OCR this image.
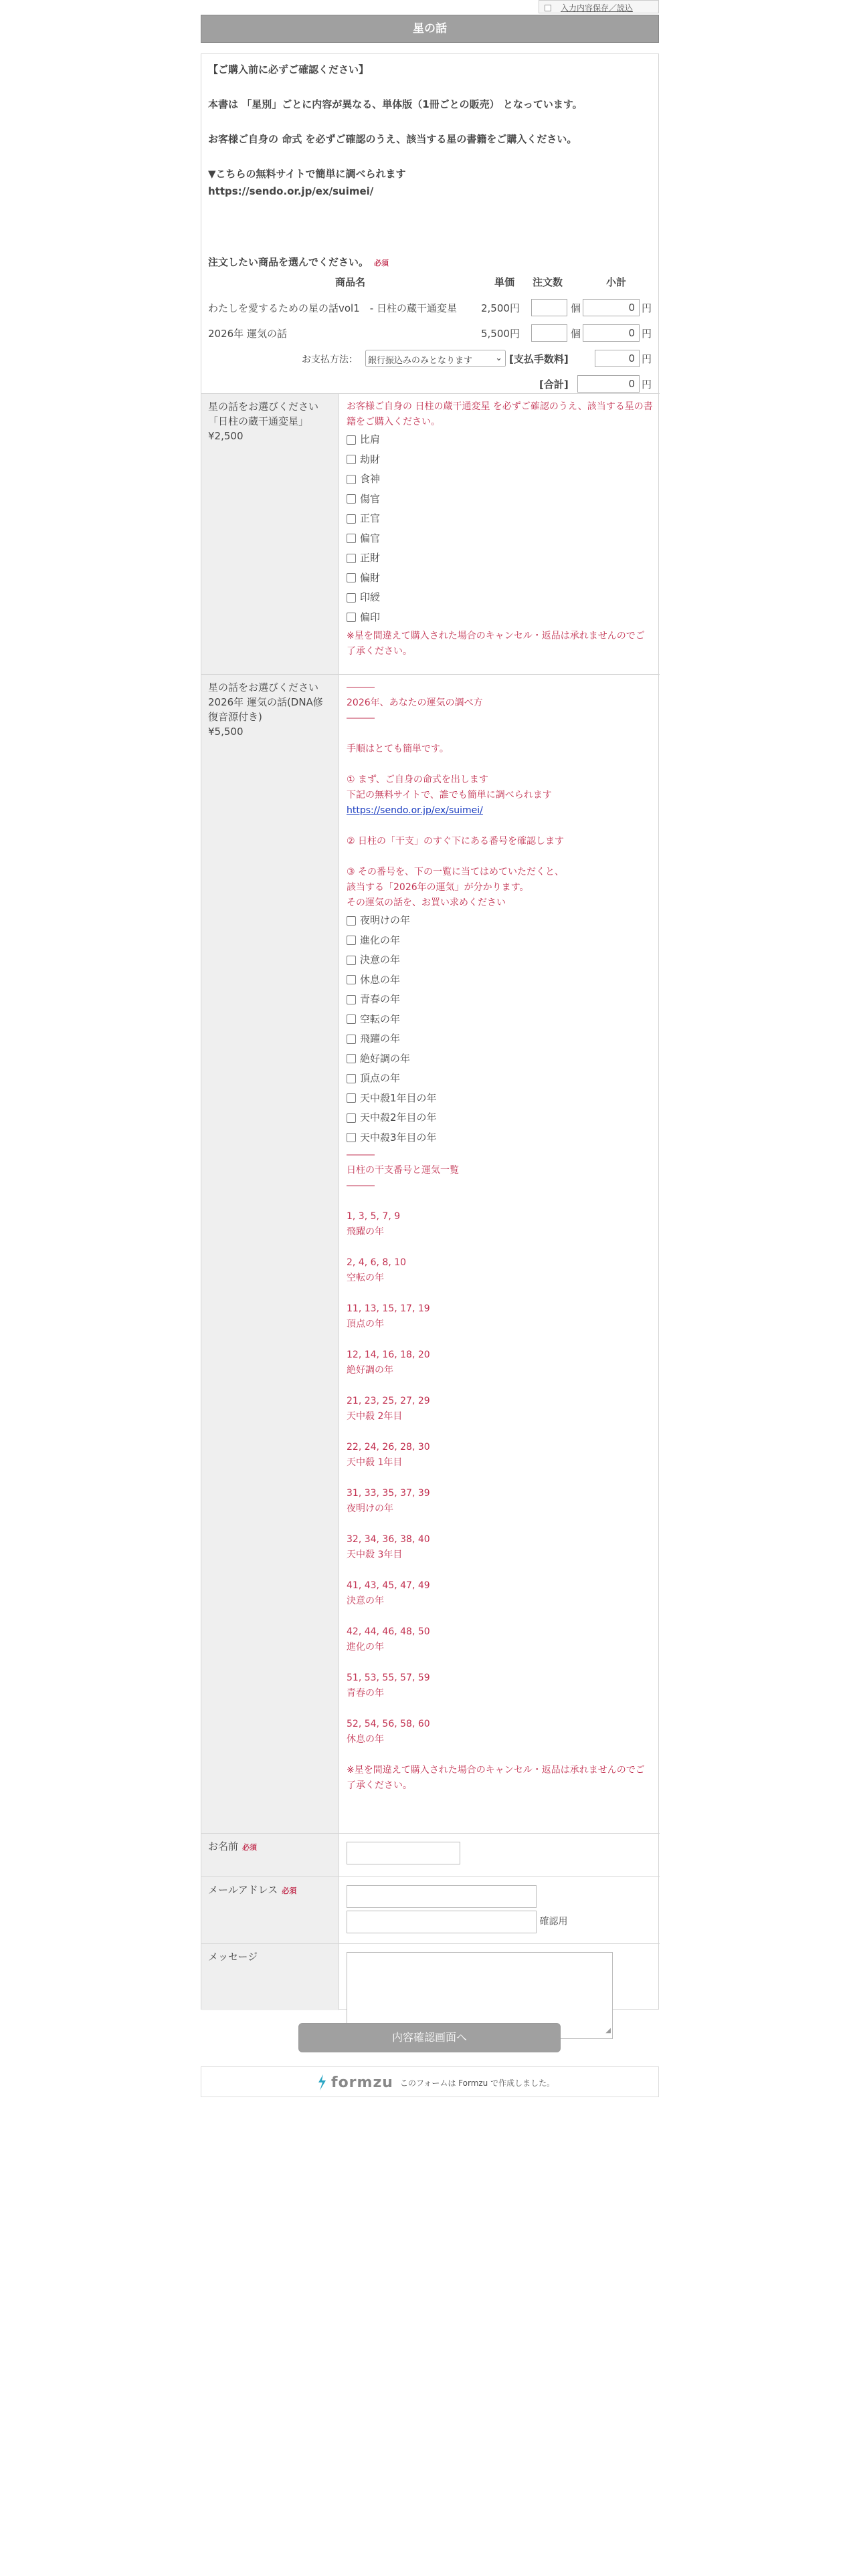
入力内容保存／読込
星の話

【ご購入前に必ずご確認ください】

本書は 「星別」ごとに内容が異なる、単体版（1冊ごとの販売） となっています。

お客様ご自身の 命式 を必ずご確認のうえ、該当する星の書籍をご購入ください。

▼こちらの無料サイトで簡単に調べられます
https://sendo.or.jp/ex/suimei/
注文したい商品を選んでください。 必須
商品名	単価 注文数	小計
わたしを愛するための星の話vol1　- 日柱の蔵干通変星 2,500円	個	0 円
2026年 運気の話	5,500円	個	0 円
お支払方法：	銀行振込みのみとなります	⌄ [支払手数料]	0 円
[合計]	0 円
星の話をお選びください
「日柱の蔵干通変星」
¥2,500
お客様ご自身の 日柱の蔵干通変星 を必ずご確認のうえ、該当する星の書籍をご購入ください。
比肩
劫財
食神
傷官
正官
偏官
正財
偏財
印綬
偏印
※星を間違えて購入された場合のキャンセル・返品は承れませんのでご了承ください。
星の話をお選びください 2026年 運気の話(DNA修復音源付き)
¥5,500
―――
2026年、あなたの運気の調べ方
―――
手順はとても簡単です。
① まず、ご自身の命式を出します
下記の無料サイトで、誰でも簡単に調べられます
https://sendo.or.jp/ex/suimei/
② 日柱の「干支」のすぐ下にある番号を確認します
③ その番号を、下の一覧に当てはめていただくと、
該当する「2026年の運気」が分かります。
その運気の話を、お買い求めください
夜明けの年
進化の年
決意の年
休息の年
青春の年
空転の年
飛躍の年
絶好調の年
頂点の年
天中殺1年目の年
天中殺2年目の年
天中殺3年目の年
―――
日柱の干支番号と運気一覧
―――
1, 3, 5, 7, 9
飛躍の年
2, 4, 6, 8, 10
空転の年
11, 13, 15, 17, 19
頂点の年
12, 14, 16, 18, 20
絶好調の年
21, 23, 25, 27, 29
天中殺 2年目
22, 24, 26, 28, 30
天中殺 1年目
31, 33, 35, 37, 39
夜明けの年
32, 34, 36, 38, 40
天中殺 3年目
41, 43, 45, 47, 49
決意の年
42, 44, 46, 48, 50
進化の年
51, 53, 55, 57, 59
青春の年
52, 54, 56, 58, 60
休息の年
※星を間違えて購入された場合のキャンセル・返品は承れませんのでご了承ください。
お名前 必須
メールアドレス 必須
確認用
メッセージ
◢
内容確認画面へ
formzu このフォームは Formzu で作成しました。
